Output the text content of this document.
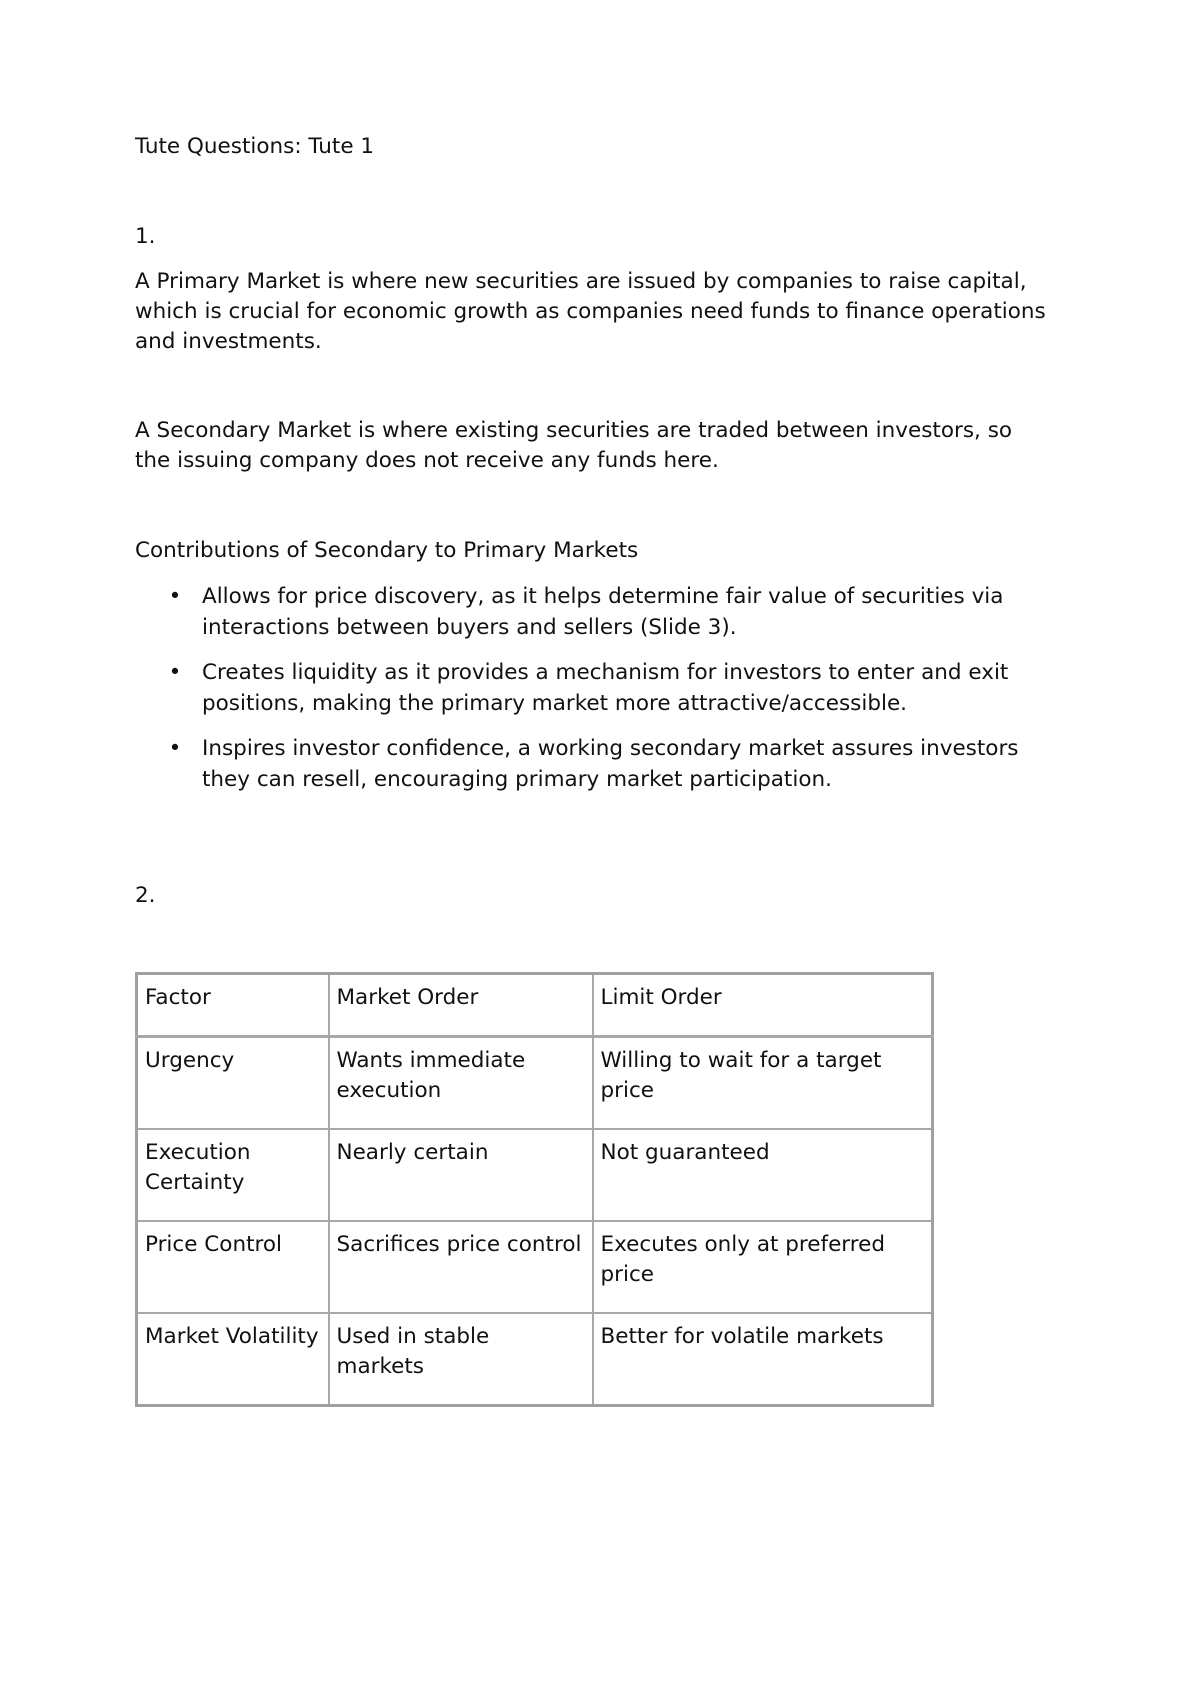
Tute Questions: Tute 1
1.
A Primary Market is where new securities are issued by companies to raise capital, which is crucial for economic growth as companies need funds to finance operations and investments.
A Secondary Market is where existing securities are traded between investors, so the issuing company does not receive any funds here.
Contributions of Secondary to Primary Markets
• Allows for price discovery, as it helps determine fair value of securities via interactions between buyers and sellers (Slide 3).
• Creates liquidity as it provides a mechanism for investors to enter and exit positions, making the primary market more attractive/accessible.
• Inspires investor confidence, a working secondary market assures investors they can resell, encouraging primary market participation.
2.
Factor	Market Order	Limit Order
Urgency	Wants immediate execution	Willing to wait for a target price
Execution Certainty	Nearly certain	Not guaranteed
Price Control	Sacrifices price control	Executes only at preferred price
Market Volatility	Used in stable markets	Better for volatile markets
